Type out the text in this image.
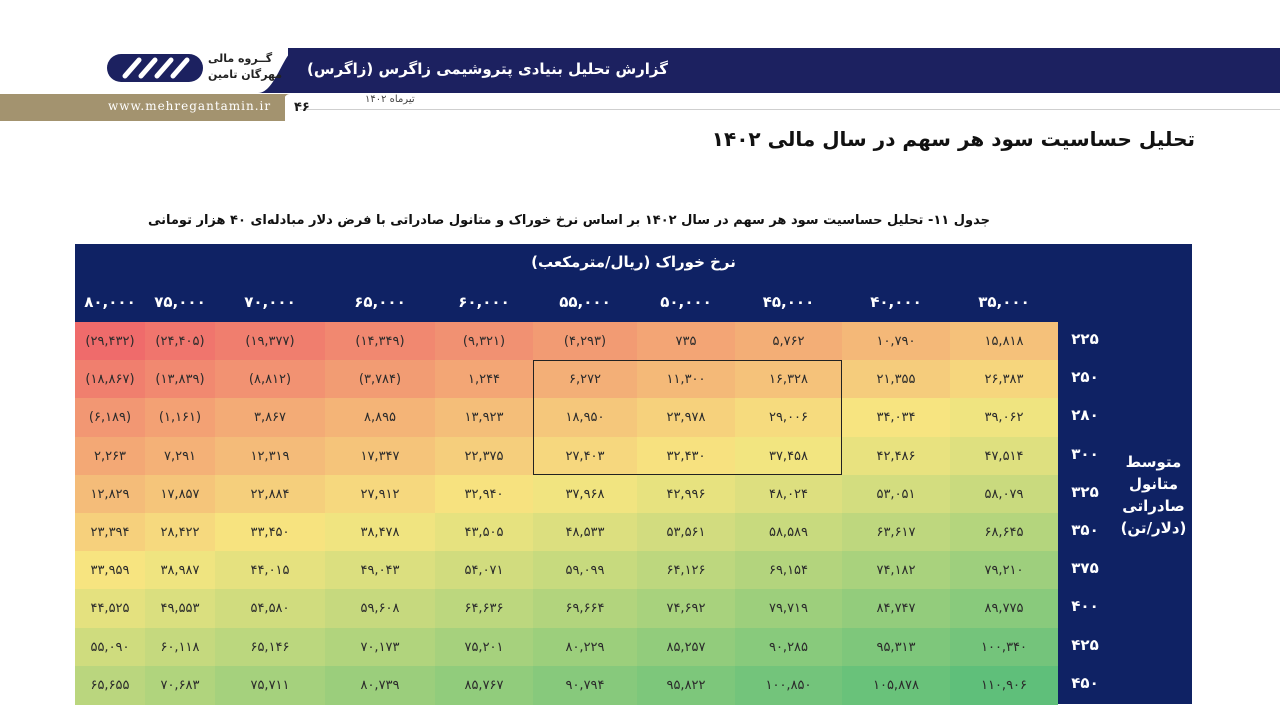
گزارش تحلیل بنیادی پتروشیمی زاگرس (زاگرس)
www.mehregantamin.ir ۴۶
تیرماه ۱۴۰۲
گــروه مالی
مهرگان تامین
تحلیل حساسیت سود هر سهم در سال مالی ۱۴۰۲
جدول ۱۱- تحلیل حساسیت سود هر سهم در سال ۱۴۰۲ بر اساس نرخ خوراک و متانول صادراتی با فرض دلار مبادله‌ای ۴۰ هزار تومانی
نرخ خوراک (ریال/مترمکعب)
متوسط متانول صادراتی (دلار/تن)
۸۰,۰۰۰	۷۵,۰۰۰	۷۰,۰۰۰	۶۵,۰۰۰	۶۰,۰۰۰	۵۵,۰۰۰	۵۰,۰۰۰	۴۵,۰۰۰	۴۰,۰۰۰	۳۵,۰۰۰
۲۲۵
(۲۹,۴۳۲)	(۲۴,۴۰۵)	(۱۹,۳۷۷)	(۱۴,۳۴۹)	(۹,۳۲۱)	(۴,۲۹۳)	۷۳۵	۵,۷۶۲	۱۰,۷۹۰	۱۵,۸۱۸
۲۵۰
(۱۸,۸۶۷)	(۱۳,۸۳۹)	(۸,۸۱۲)	(۳,۷۸۴)	۱,۲۴۴	۶,۲۷۲	۱۱,۳۰۰	۱۶,۳۲۸	۲۱,۳۵۵	۲۶,۳۸۳
۲۸۰
(۶,۱۸۹)	(۱,۱۶۱)	۳,۸۶۷	۸,۸۹۵	۱۳,۹۲۳	۱۸,۹۵۰	۲۳,۹۷۸	۲۹,۰۰۶	۳۴,۰۳۴	۳۹,۰۶۲
۳۰۰
۲,۲۶۳	۷,۲۹۱	۱۲,۳۱۹	۱۷,۳۴۷	۲۲,۳۷۵	۲۷,۴۰۳	۳۲,۴۳۰	۳۷,۴۵۸	۴۲,۴۸۶	۴۷,۵۱۴
۳۲۵
۱۲,۸۲۹	۱۷,۸۵۷	۲۲,۸۸۴	۲۷,۹۱۲	۳۲,۹۴۰	۳۷,۹۶۸	۴۲,۹۹۶	۴۸,۰۲۴	۵۳,۰۵۱	۵۸,۰۷۹
۳۵۰
۲۳,۳۹۴	۲۸,۴۲۲	۳۳,۴۵۰	۳۸,۴۷۸	۴۳,۵۰۵	۴۸,۵۳۳	۵۳,۵۶۱	۵۸,۵۸۹	۶۳,۶۱۷	۶۸,۶۴۵
۳۷۵
۳۳,۹۵۹	۳۸,۹۸۷	۴۴,۰۱۵	۴۹,۰۴۳	۵۴,۰۷۱	۵۹,۰۹۹	۶۴,۱۲۶	۶۹,۱۵۴	۷۴,۱۸۲	۷۹,۲۱۰
۴۰۰
۴۴,۵۲۵	۴۹,۵۵۳	۵۴,۵۸۰	۵۹,۶۰۸	۶۴,۶۳۶	۶۹,۶۶۴	۷۴,۶۹۲	۷۹,۷۱۹	۸۴,۷۴۷	۸۹,۷۷۵
۴۲۵
۵۵,۰۹۰	۶۰,۱۱۸	۶۵,۱۴۶	۷۰,۱۷۳	۷۵,۲۰۱	۸۰,۲۲۹	۸۵,۲۵۷	۹۰,۲۸۵	۹۵,۳۱۳	۱۰۰,۳۴۰
۴۵۰
۶۵,۶۵۵	۷۰,۶۸۳	۷۵,۷۱۱	۸۰,۷۳۹	۸۵,۷۶۷	۹۰,۷۹۴	۹۵,۸۲۲	۱۰۰,۸۵۰	۱۰۵,۸۷۸	۱۱۰,۹۰۶
